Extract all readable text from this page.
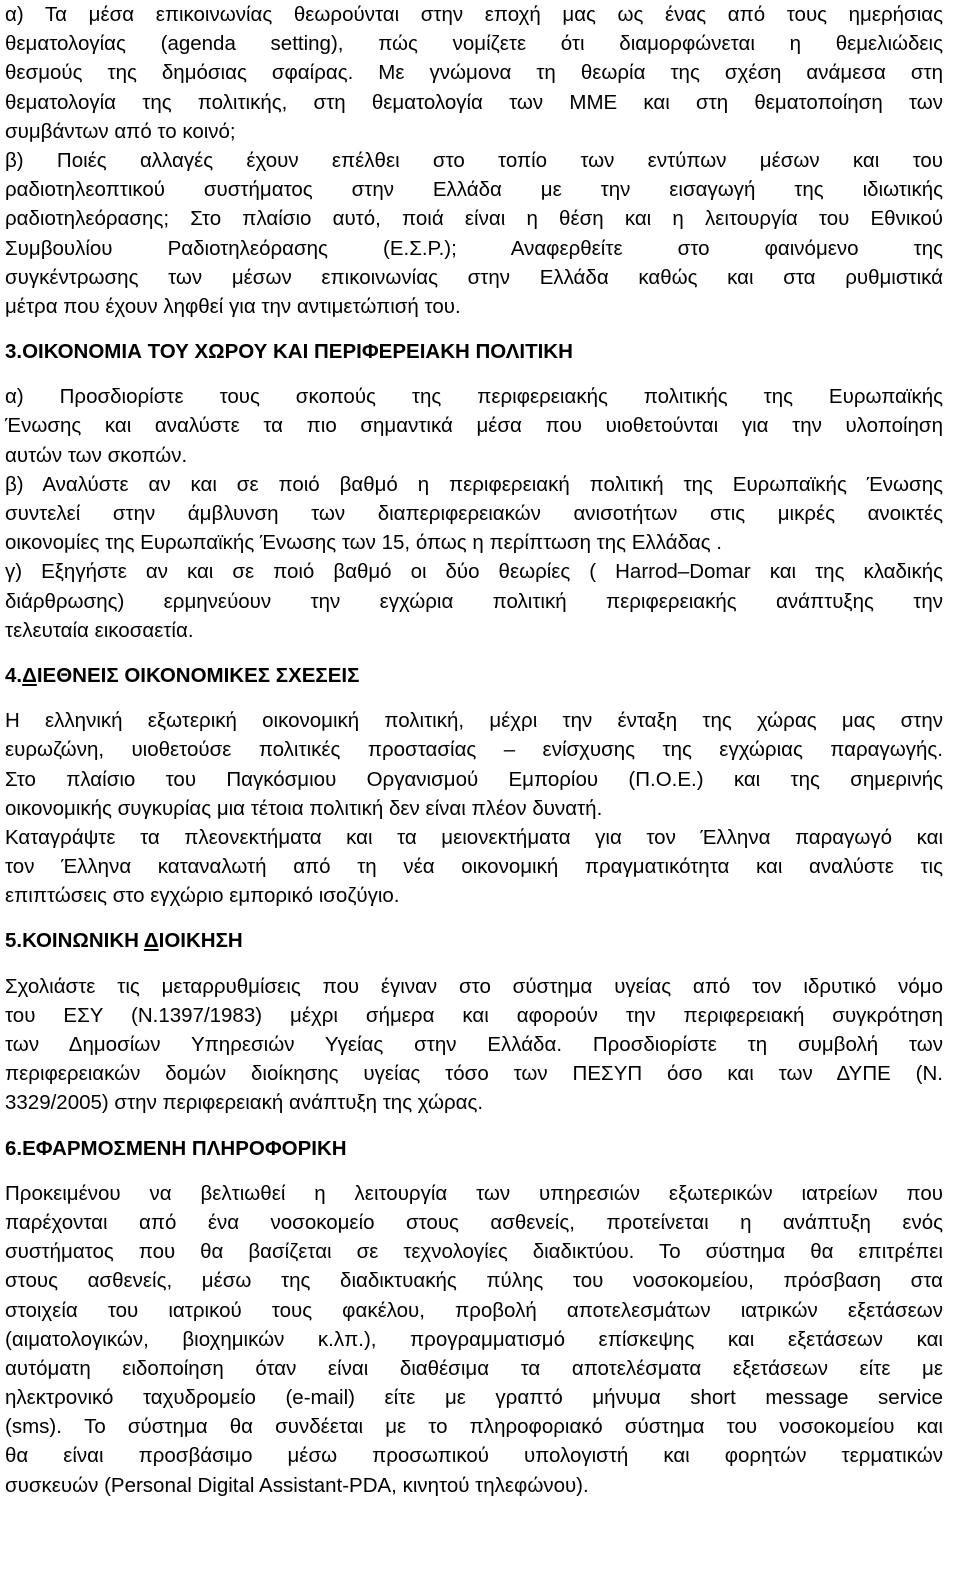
α) Τα μέσα επικοινωνίας θεωρούνται στην εποχή μας ως ένας από τους ημερήσιας
θεματολογίας (agenda setting), πώς νομίζετε ότι διαμορφώνεται η θεμελιώδεις
θεσμούς της δημόσιας σφαίρας. Με γνώμονα τη θεωρία της σχέση ανάμεσα στη
θεματολογία της πολιτικής, στη θεματολογία των ΜΜΕ και στη θεματοποίηση των
συμβάντων από το κοινό;
β) Ποιές αλλαγές έχουν επέλθει στο τοπίο των εντύπων μέσων και του
ραδιοτηλεοπτικού συστήματος στην Ελλάδα με την εισαγωγή της ιδιωτικής
ραδιοτηλεόρασης; Στο πλαίσιο αυτό, ποιά είναι η θέση και η λειτουργία του Εθνικού
Συμβουλίου Ραδιοτηλεόρασης (Ε.Σ.Ρ.); Αναφερθείτε στο φαινόμενο της
συγκέντρωσης των μέσων επικοινωνίας στην Ελλάδα καθώς και στα ρυθμιστικά
μέτρα που έχουν ληφθεί για την αντιμετώπισή του.
3.ΟΙΚΟΝΟΜΙΑ ΤΟΥ ΧΩΡΟΥ ΚΑΙ ΠΕΡΙΦΕΡΕΙΑΚΗ ΠΟΛΙΤΙΚΗ
α) Προσδιορίστε τους σκοπούς της περιφερειακής πολιτικής της Ευρωπαϊκής
Ένωσης και αναλύστε τα πιο σημαντικά μέσα που υιοθετούνται για την υλοποίηση
αυτών των σκοπών.
β) Αναλύστε αν και σε ποιό βαθμό η περιφερειακή πολιτική της Ευρωπαϊκής Ένωσης
συντελεί στην άμβλυνση των διαπεριφερειακών ανισοτήτων στις μικρές ανοικτές
οικονομίες της Ευρωπαϊκής Ένωσης των 15, όπως η περίπτωση της Ελλάδας .
γ) Εξηγήστε αν και σε ποιό βαθμό οι δύο θεωρίες ( Harrod–Domar και της κλαδικής
διάρθρωσης) ερμηνεύουν την εγχώρια πολιτική περιφερειακής ανάπτυξης την
τελευταία εικοσαετία.
4.ΔΙΕΘΝΕΙΣ ΟΙΚΟΝΟΜΙΚΕΣ ΣΧΕΣΕΙΣ
Η ελληνική εξωτερική οικονομική πολιτική, μέχρι την ένταξη της χώρας μας στην
ευρωζώνη, υιοθετούσε πολιτικές προστασίας – ενίσχυσης της εγχώριας παραγωγής.
Στο πλαίσιο του Παγκόσμιου Οργανισμού Εμπορίου (Π.Ο.Ε.) και της σημερινής
οικονομικής συγκυρίας μια τέτοια πολιτική δεν είναι πλέον δυνατή.
Καταγράψτε τα πλεονεκτήματα και τα μειονεκτήματα για τον Έλληνα παραγωγό και
τον Έλληνα καταναλωτή από τη νέα οικονομική πραγματικότητα και αναλύστε τις
επιπτώσεις στο εγχώριο εμπορικό ισοζύγιο.
5.ΚΟΙΝΩΝΙΚΗ ΔΙΟΙΚΗΣΗ
Σχολιάστε τις μεταρρυθμίσεις που έγιναν στο σύστημα υγείας από τον ιδρυτικό νόμο
του ΕΣΥ (Ν.1397/1983) μέχρι σήμερα και αφορούν την περιφερειακή συγκρότηση
των Δημοσίων Υπηρεσιών Υγείας στην Ελλάδα. Προσδιορίστε τη συμβολή των
περιφερειακών δομών διοίκησης υγείας τόσο των ΠΕΣΥΠ όσο και των ΔΥΠΕ (Ν.
3329/2005) στην περιφερειακή ανάπτυξη της χώρας.
6.ΕΦΑΡΜΟΣΜΕΝΗ ΠΛΗΡΟΦΟΡΙΚΗ
Προκειμένου να βελτιωθεί η λειτουργία των υπηρεσιών εξωτερικών ιατρείων που
παρέχονται από ένα νοσοκομείο στους ασθενείς, προτείνεται η ανάπτυξη ενός
συστήματος που θα βασίζεται σε τεχνολογίες διαδικτύου. Το σύστημα θα επιτρέπει
στους ασθενείς, μέσω της διαδικτυακής πύλης του νοσοκομείου, πρόσβαση στα
στοιχεία του ιατρικού τους φακέλου, προβολή αποτελεσμάτων ιατρικών εξετάσεων
(αιματολογικών, βιοχημικών κ.λπ.), προγραμματισμό επίσκεψης και εξετάσεων και
αυτόματη ειδοποίηση όταν είναι διαθέσιμα τα αποτελέσματα εξετάσεων είτε με
ηλεκτρονικό ταχυδρομείο (e-mail) είτε με γραπτό μήνυμα short message service
(sms). Το σύστημα θα συνδέεται με το πληροφοριακό σύστημα του νοσοκομείου και
θα είναι προσβάσιμο μέσω προσωπικού υπολογιστή και φορητών τερματικών
συσκευών (Personal Digital Assistant-PDA, κινητού τηλεφώνου).
